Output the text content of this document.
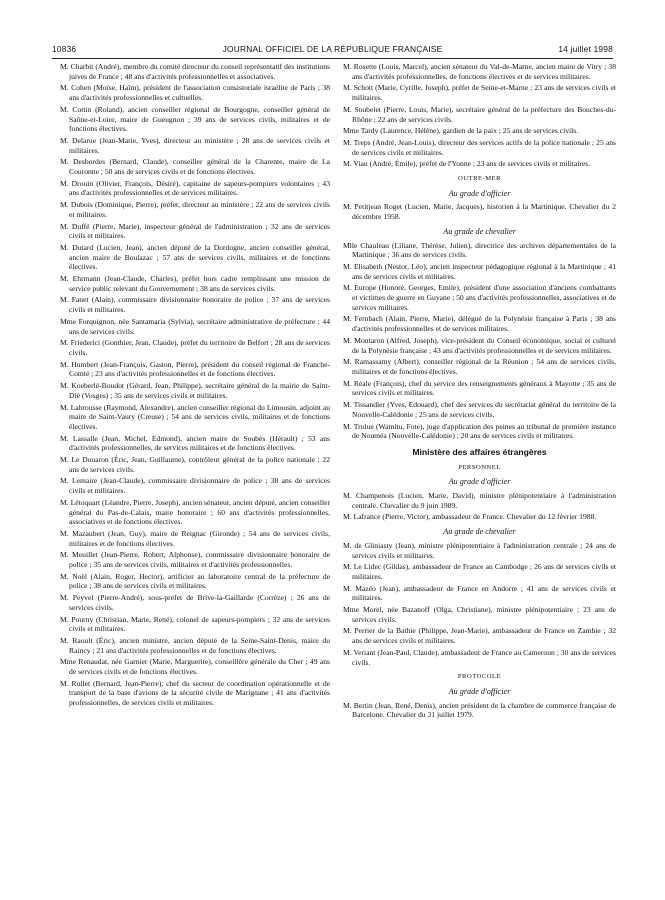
10836	JOURNAL OFFICIEL DE LA RÉPUBLIQUE FRANÇAISE	14 juillet 1998
M. Charbit (André), membre du comité directeur du conseil représentatif des institutions juives de France ; 48 ans d'activités professionnelles et associatives.
M. Cohen (Moïse, Haïm), président de l'association consistoriale israélite de Paris ; 38 ans d'activités professionnelles et cultuelles.
M. Cottin (Roland), ancien conseiller régional de Bourgogne, conseiller général de Saône-et-Loire, maire de Gueugnon ; 39 ans de services civils, militaires et de fonctions électives.
M. Delarue (Jean-Marie, Yves), directeur au ministère ; 28 ans de services civils et militaires.
M. Desbordes (Bernard, Claude), conseiller général de la Charente, maire de La Couronne ; 50 ans de services civils et de fonctions électives.
M. Drouin (Olivier, François, Désiré), capitaine de sapeurs-pompiers volontaires ; 43 ans d'activités professionnelles et de services militaires.
M. Dubois (Dominique, Pierre), préfet, directeur au ministère ; 22 ans de services civils et militaires.
M. Duffé (Pierre, Marie), inspecteur général de l'administration ; 32 ans de services civils et militaires.
M. Dutard (Lucien, Jean), ancien député de la Dordogne, ancien conseiller général, ancien maire de Boulazac ; 57 ans de services civils, militaires et de fonctions électives.
M. Ehrmann (Jean-Claude, Charles), préfet hors cadre remplissant une mission de service public relevant du Gouvernement ; 38 ans de services civils.
M. Fanet (Alain), commissaire divisionnaire honoraire de police ; 37 ans de services civils et militaires.
Mme Forquignon, née Santamaria (Sylvia), secrétaire administrative de préfecture ; 44 ans de services civils.
M. Friederici (Gonthier, Jean, Claude), préfet du territoire de Belfort ; 28 ans de services civils.
M. Humbert (Jean-François, Gaston, Pierre), président du conseil régional de Franche-Comté ; 23 ans d'activités professionnelles et de fonctions électives.
M. Koeberlé-Boudot (Gérard, Jean, Philippe), secrétaire général de la mairie de Saint-Dié (Vosges) ; 35 ans de services civils et militaires.
M. Labrousse (Raymond, Alexandre), ancien conseiller régional du Limousin, adjoint au maire de Saint-Vaury (Creuse) ; 54 ans de services civils, militaires et de fonctions électives.
M. Lassalle (Jean, Michel, Edmond), ancien maire de Soubès (Hérault) ; 53 ans d'activités professionnelles, de services militaires et de fonctions électives.
M. Le Douaron (Éric, Jean, Guillaume), contrôleur général de la police nationale ; 22 ans de services civils.
M. Lemaire (Jean-Claude), commissaire divisionnaire de police ; 38 ans de services civils et militaires.
M. Létoquart (Léandre, Pierre, Joseph), ancien sénateur, ancien député, ancien conseiller général du Pas-de-Calais, maire honoraire ; 60 ans d'activités professionnelles, associatives et de fonctions électives.
M. Mazaubert (Jean, Guy), maire de Reignac (Gironde) ; 54 ans de services civils, militaires et de fonctions électives.
M. Meuillet (Jean-Pierre, Robert, Alphonse), commissaire divisionnaire honoraire de police ; 35 ans de services civils, militaires et d'activités professionnelles.
M. Noël (Alain, Roger, Hector), artificier au laboratoire central de la préfecture de police ; 38 ans de services civils et militaires.
M. Peyvel (Pierre-André), sous-préfet de Brive-la-Gaillarde (Corrèze) ; 26 ans de services civils.
M. Pourny (Christian, Marie, René), colonel de sapeurs-pompiers ; 32 ans de services civils et militaires.
M. Raoult (Éric), ancien ministre, ancien député de la Seine-Saint-Denis, maire du Raincy ; 21 ans d'activités professionnelles et de fonctions électives.
Mme Renaudat, née Garnier (Marie, Marguerite), conseillère générale du Cher ; 49 ans de services civils et de fonctions électives.
M. Rollet (Bernard, Jean-Pierre), chef du secteur de coordination opérationnelle et de transport de la base d'avions de la sécurité civile de Marignane ; 41 ans d'activités professionnelles, de services civils et militaires.
M. Rosette (Louis, Marcel), ancien sénateur du Val-de-Marne, ancien maire de Vitry ; 38 ans d'activités professionnelles, de fonctions électives et de services militaires.
M. Schott (Marie, Cyrille, Joseph), préfet de Seine-et-Marne ; 23 ans de services civils et militaires.
M. Soubelet (Pierre, Louis, Marie), secrétaire général de la préfecture des Bouches-du-Rhône ; 22 ans de services civils.
Mme Tardy (Laurence, Hélène), gardien de la paix ; 25 ans de services civils.
M. Treps (André, Jean-Louis), directeur des services actifs de la police nationale ; 25 ans de services civils et militaires.
M. Viau (André, Émile), préfet de l'Yonne ; 23 ans de services civils et militaires.
OUTRE-MER
Au grade d'officier
M. Petitjean Roget (Lucien, Marie, Jacques), historien à la Martinique. Chevalier du 2 décembre 1958.
Au grade de chevalier
Mlle Chauleau (Liliane, Thérèse, Julien), directrice des archives départementales de la Martinique ; 36 ans de services civils.
M. Elisabeth (Nestor, Léo), ancien inspecteur pédagogique régional à la Martinique ; 41 ans de services civils et militaires.
M. Europe (Honoré, Georges, Emile), président d'une association d'anciens combattants et victimes de guerre en Guyane ; 50 ans d'activités professionnelles, associatives et de services militaires.
M. Fernbach (Alain, Pierre, Marie), délégué de la Polynésie française à Paris ; 38 ans d'activités professionnelles et de services militaires.
M. Montaron (Alfred, Joseph), vice-président du Conseil économique, social et culturel de la Polynésie française ; 43 ans d'activités professionnelles et de services militaires.
M. Ramassamy (Albert), conseiller régional de la Réunion ; 54 ans de services civils, militaires et de fonctions électives.
M. Réale (François), chef du service des renseignements généraux à Mayotte ; 35 ans de services civils et militaires.
M. Tissandier (Yves, Edouard), chef des services du secrétariat général du territoire de la Nouvelle-Calédonie ; 25 ans de services civils.
M. Trolue (Wamitu, Fote), juge d'application des peines au tribunal de première instance de Nouméa (Nouvelle-Calédonie) ; 20 ans de services civils et militaires.
Ministère des affaires étrangères
PERSONNEL
Au grade d'officier
M. Champenois (Lucien, Marie, David), ministre plénipotentiaire à l'administration centrale. Chevalier du 9 juin 1989.
M. Lafrance (Pierre, Victor), ambassadeur de France. Chevalier du 12 février 1988.
Au grade de chevalier
M. de Gliniasty (Jean), ministre plénipotentiaire à l'administration centrale ; 24 ans de services civils et militaires.
M. Le Lidec (Gildas), ambassadeur de France au Cambodge ; 26 ans de services civils et militaires.
M. Mazéo (Jean), ambassadeur de France en Andorre ; 41 ans de services civils et militaires.
Mme Morel, née Bazanoff (Olga, Christiane), ministre plénipotentiaire ; 23 ans de services civils.
M. Perrier de la Bathie (Philippe, Jean-Marie), ambassadeur de France en Zambie ; 32 ans de services civils et militaires.
M. Veriant (Jean-Paul, Claude), ambassadeur de France au Cameroun ; 30 ans de services civils.
PROTOCOLE
Au grade d'officier
M. Bertin (Jean, René, Denis), ancien président de la chambre de commerce française de Barcelone. Chevalier du 31 juillet 1979.
